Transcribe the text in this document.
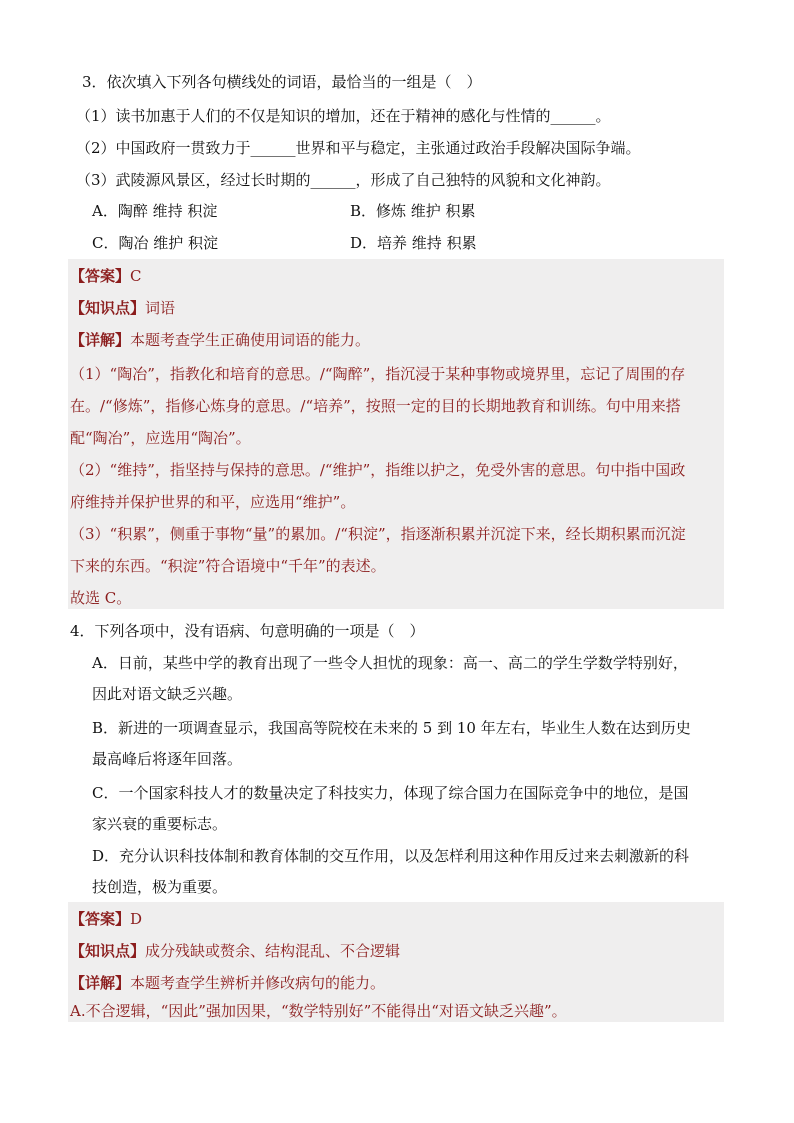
3．依次填入下列各句横线处的词语，最恰当的一组是（　）
（1）读书加惠于人们的不仅是知识的增加，还在于精神的感化与性情的______。
（2）中国政府一贯致力于______世界和平与稳定，主张通过政治手段解决国际争端。
（3）武陵源风景区，经过长时期的______，形成了自己独特的风貌和文化神韵。
A．陶醉 维持 积淀	B．修炼 维护 积累
C．陶冶 维护 积淀	D．培养 维持 积累
【答案】C
【知识点】词语
【详解】本题考查学生正确使用词语的能力。
（1）“陶冶”，指教化和培育的意思。/“陶醉”，指沉浸于某种事物或境界里，忘记了周围的存
在。/“修炼”，指修心炼身的意思。/“培养”，按照一定的目的长期地教育和训练。句中用来搭
配“陶冶”，应选用“陶冶”。
（2）“维持”，指坚持与保持的意思。/“维护”，指维以护之，免受外害的意思。句中指中国政
府维持并保护世界的和平，应选用“维护”。
（3）“积累”，侧重于事物“量”的累加。/“积淀”，指逐渐积累并沉淀下来，经长期积累而沉淀
下来的东西。“积淀”符合语境中“千年”的表述。
故选 C。
4．下列各项中，没有语病、句意明确的一项是（　）
A．日前，某些中学的教育出现了一些令人担忧的现象：高一、高二的学生学数学特别好，
因此对语文缺乏兴趣。
B．新进的一项调查显示，我国高等院校在未来的 5 到 10 年左右，毕业生人数在达到历史
最高峰后将逐年回落。
C．一个国家科技人才的数量决定了科技实力，体现了综合国力在国际竞争中的地位，是国
家兴衰的重要标志。
D．充分认识科技体制和教育体制的交互作用，以及怎样利用这种作用反过来去刺激新的科
技创造，极为重要。
【答案】D
【知识点】成分残缺或赘余、结构混乱、不合逻辑
【详解】本题考查学生辨析并修改病句的能力。
A.不合逻辑，“因此”强加因果，“数学特别好”不能得出“对语文缺乏兴趣”。
